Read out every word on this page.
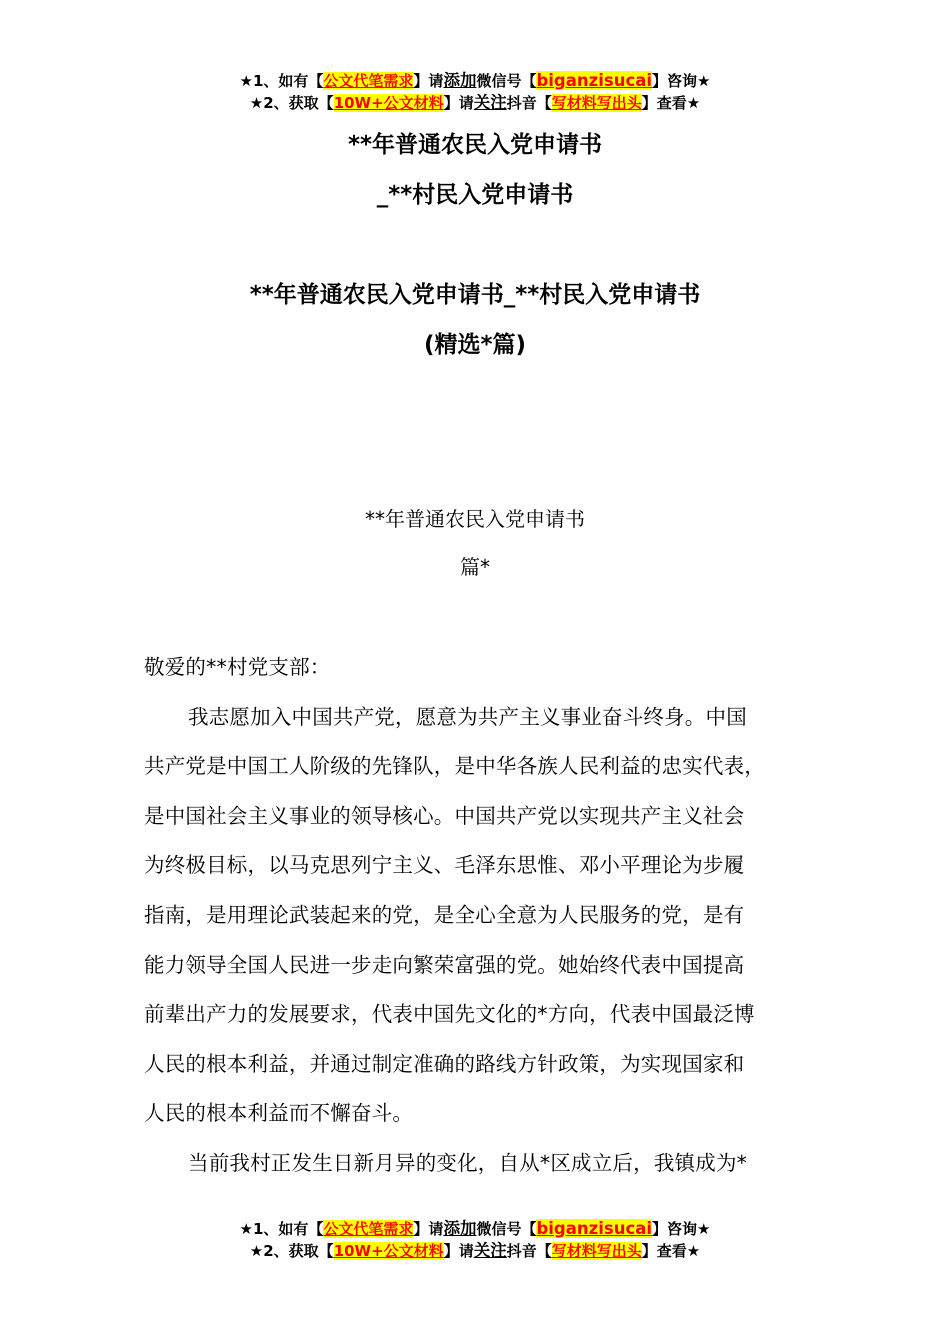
★1、如有【公文代笔需求】请添加微信号【biganzisucai】咨询★
★2、获取【10W+公文材料】请关注抖音【写材料写出头】查看★
**年普通农民入党申请书
_**村民入党申请书
**年普通农民入党申请书_**村民入党申请书
(精选*篇)
**年普通农民入党申请书
篇*
敬爱的**村党支部：
我志愿加入中国共产党，愿意为共产主义事业奋斗终身。中国
共产党是中国工人阶级的先锋队，是中华各族人民利益的忠实代表，
是中国社会主义事业的领导核心。中国共产党以实现共产主义社会
为终极目标，以马克思列宁主义、毛泽东思惟、邓小平理论为步履
指南，是用理论武装起来的党，是全心全意为人民服务的党，是有
能力领导全国人民进一步走向繁荣富强的党。她始终代表中国提高
前辈出产力的发展要求，代表中国先文化的*方向，代表中国最泛博
人民的根本利益，并通过制定准确的路线方针政策，为实现国家和
人民的根本利益而不懈奋斗。
当前我村正发生日新月异的变化，自从*区成立后，我镇成为*
★1、如有【公文代笔需求】请添加微信号【biganzisucai】咨询★
★2、获取【10W+公文材料】请关注抖音【写材料写出头】查看★
